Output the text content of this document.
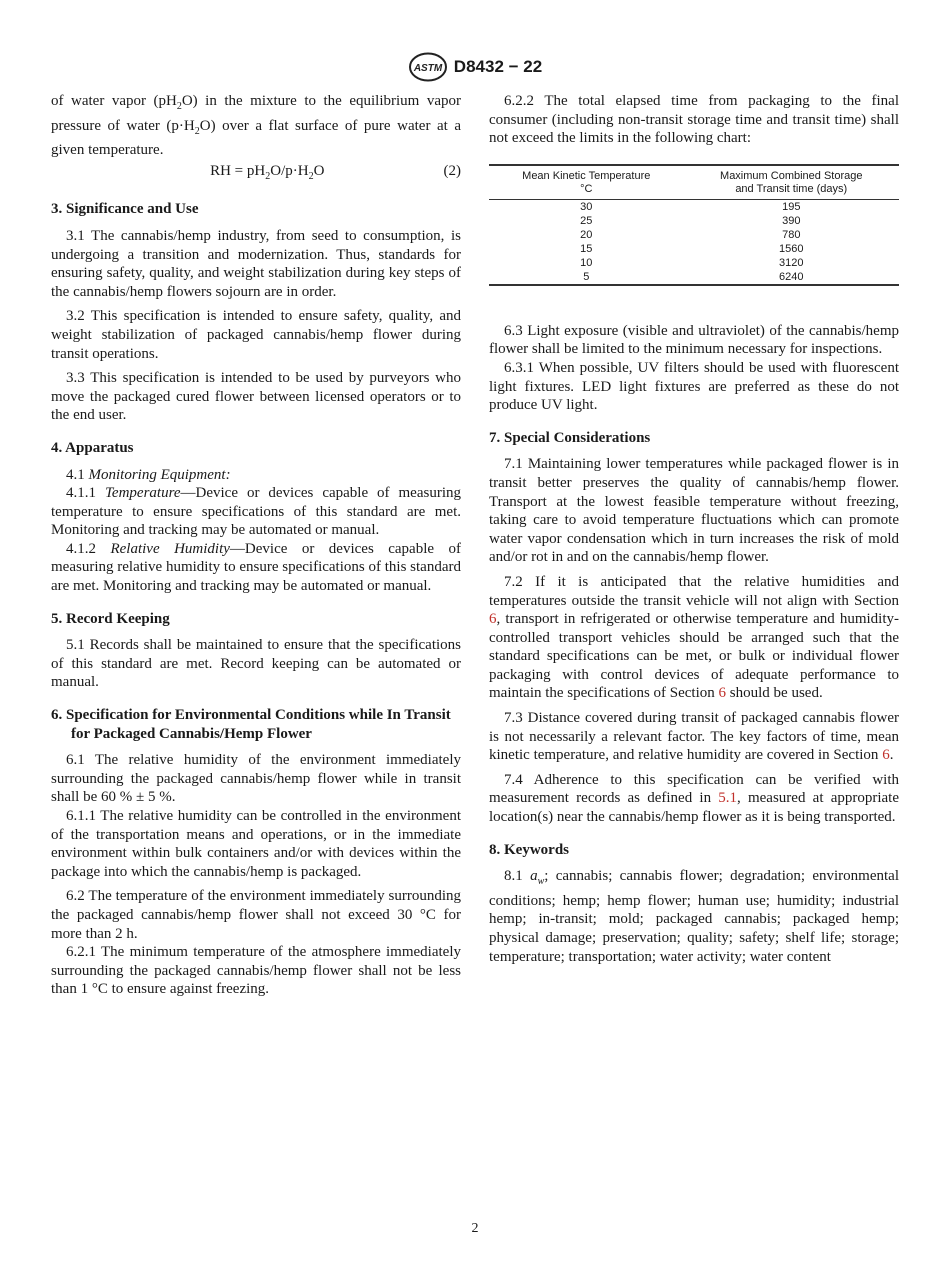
ASTM D8432 − 22

of water vapor $(pH_2O)$ in the mixture to the equilibrium vapor pressure of water $(p\cdot H_2O)$ over a flat surface of pure water at a given temperature.

RH = $pH_2O/p\cdot H_2O$	(2)
3. Significance and Use

3.1 The cannabis/hemp industry, from seed to consumption, is undergoing a transition and modernization. Thus, standards for ensuring safety, quality, and weight stabilization during key steps of the cannabis/hemp flowers sojourn are in order.

3.2 This specification is intended to ensure safety, quality, and weight stabilization of packaged cannabis/hemp flower during transit operations.

3.3 This specification is intended to be used by purveyors who move the packaged cured flower between licensed operators or to the end user.

4. Apparatus

4.1 Monitoring Equipment:

4.1.1 Temperature—Device or devices capable of measuring temperature to ensure specifications of this standard are met. Monitoring and tracking may be automated or manual.

4.1.2 Relative Humidity—Device or devices capable of measuring relative humidity to ensure specifications of this standard are met. Monitoring and tracking may be automated or manual.

5. Record Keeping

5.1 Records shall be maintained to ensure that the specifications of this standard are met. Record keeping can be automated or manual.

6. Specification for Environmental Conditions while In Transit for Packaged Cannabis/Hemp Flower

6.1 The relative humidity of the environment immediately surrounding the packaged cannabis/hemp flower while in transit shall be 60 % ± 5 %.

6.1.1 The relative humidity can be controlled in the environment of the transportation means and operations, or in the immediate environment within bulk containers and/or with devices within the package into which the cannabis/hemp is packaged.

6.2 The temperature of the environment immediately surrounding the packaged cannabis/hemp flower shall not exceed 30 °C for more than 2 h.

6.2.1 The minimum temperature of the atmosphere immediately surrounding the packaged cannabis/hemp flower shall not be less than 1 °C to ensure against freezing.

6.2.2 The total elapsed time from packaging to the final consumer (including non-transit storage time and transit time) shall not exceed the limits in the following chart:

Mean Kinetic Temperature
°C	Maximum Combined Storage
and Transit time (days)
30	195
25	390
20	780
15	1560
10	3120
5	6240

6.3 Light exposure (visible and ultraviolet) of the cannabis/hemp flower shall be limited to the minimum necessary for inspections.

6.3.1 When possible, UV filters should be used with fluorescent light fixtures. LED light fixtures are preferred as these do not produce UV light.

7. Special Considerations

7.1 Maintaining lower temperatures while packaged flower is in transit better preserves the quality of cannabis/hemp flower. Transport at the lowest feasible temperature without freezing, taking care to avoid temperature fluctuations which can promote water vapor condensation which in turn increases the risk of mold and/or rot in and on the cannabis/hemp flower.

7.2 If it is anticipated that the relative humidities and temperatures outside the transit vehicle will not align with Section 6, transport in refrigerated or otherwise temperature and humidity-controlled transport vehicles should be arranged such that the standard specifications can be met, or bulk or individual flower packaging with control devices of adequate performance to maintain the specifications of Section 6 should be used.

7.3 Distance covered during transit of packaged cannabis flower is not necessarily a relevant factor. The key factors of time, mean kinetic temperature, and relative humidity are covered in Section 6.

7.4 Adherence to this specification can be verified with measurement records as defined in 5.1, measured at appropriate location(s) near the cannabis/hemp flower as it is being transported.

8. Keywords

8.1 $a_w$; cannabis; cannabis flower; degradation; environmental conditions; hemp; hemp flower; human use; humidity; industrial hemp; in-transit; mold; packaged cannabis; packaged hemp; physical damage; preservation; quality; safety; shelf life; storage; temperature; transportation; water activity; water content

2
